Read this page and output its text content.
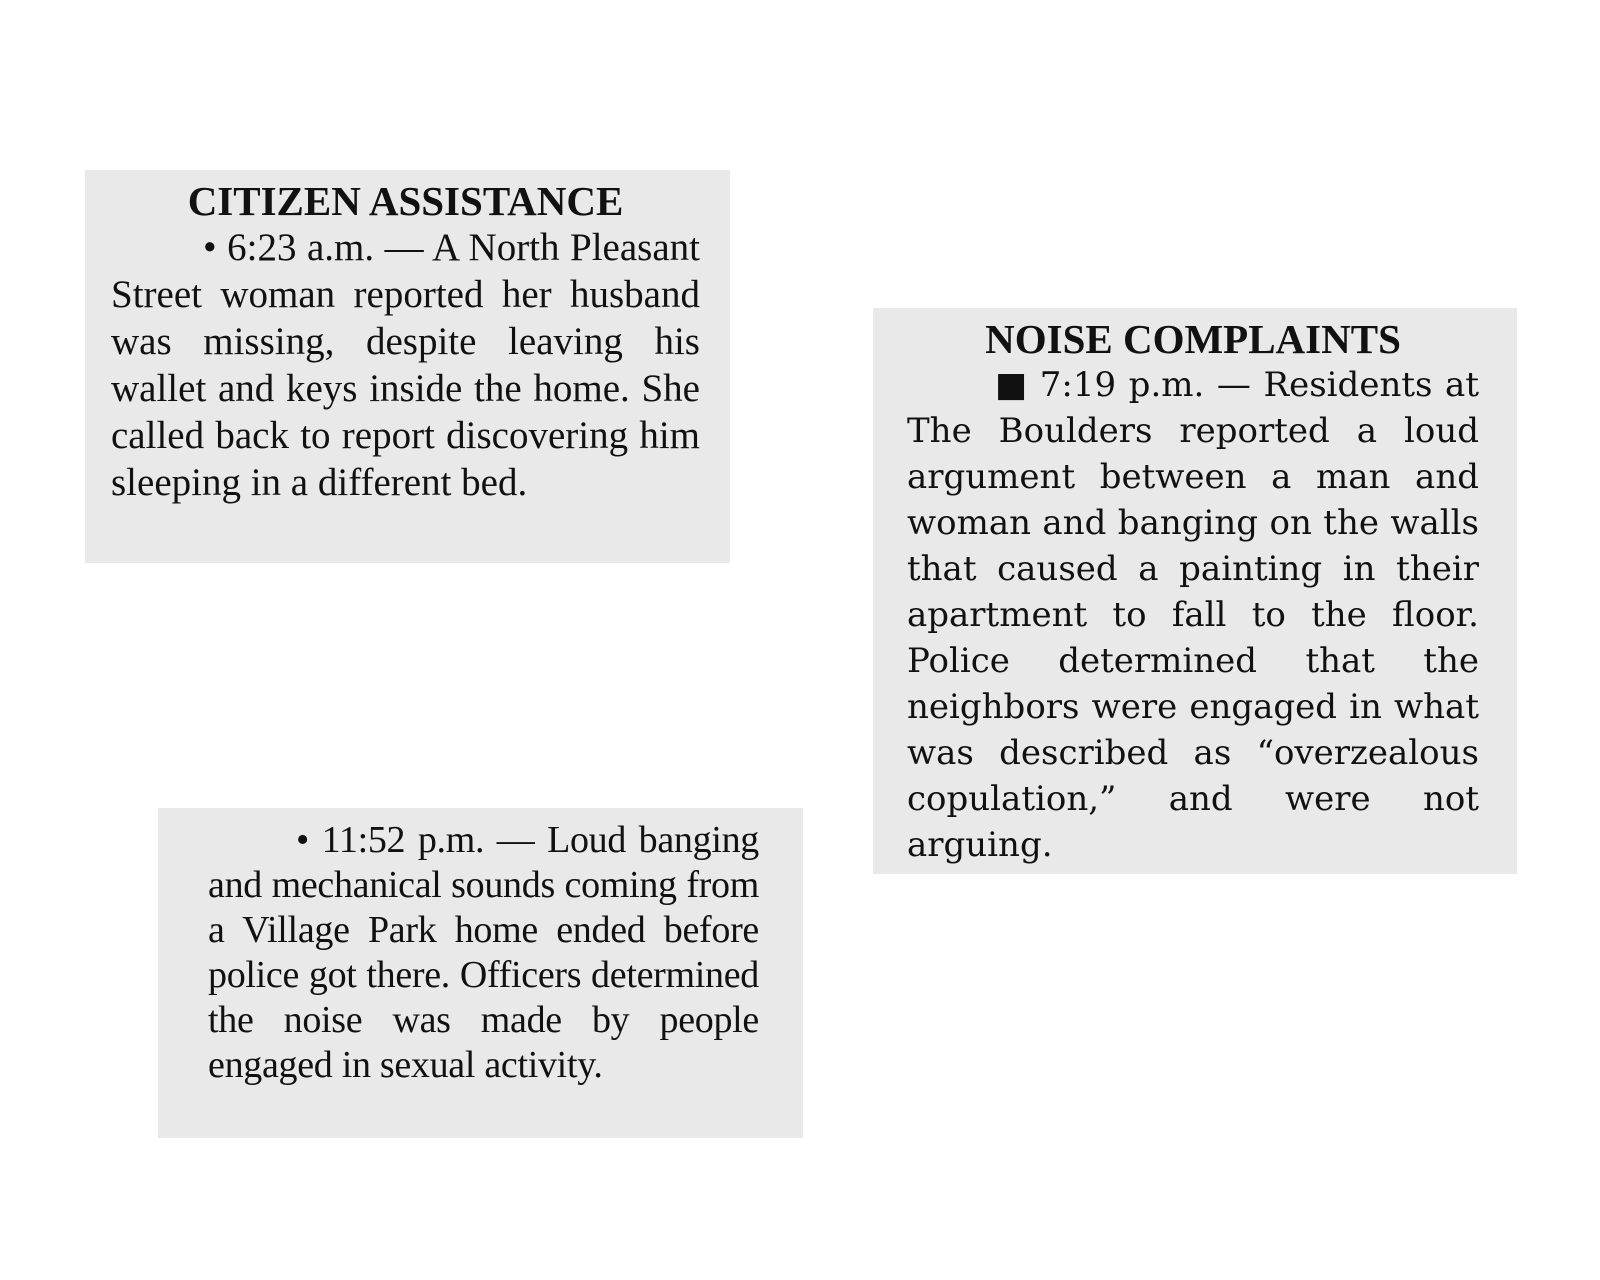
CITIZEN ASSISTANCE

• 6:23 a.m. — A North Pleasant Street woman reported her husband was missing, despite leaving his wallet and keys inside the home. She called back to report discovering him sleeping in a different bed.

NOISE COMPLAINTS

■ 7:19 p.m. — Residents at The Boulders reported a loud argument between a man and woman and banging on the walls that caused a painting in their apartment to fall to the floor. Police determined that the neighbors were engaged in what was described as “overzealous copulation,” and were not arguing.

• 11:52 p.m. — Loud banging and mechanical sounds coming from a Village Park home ended before police got there. Officers determined the noise was made by people engaged in sexual activity.
